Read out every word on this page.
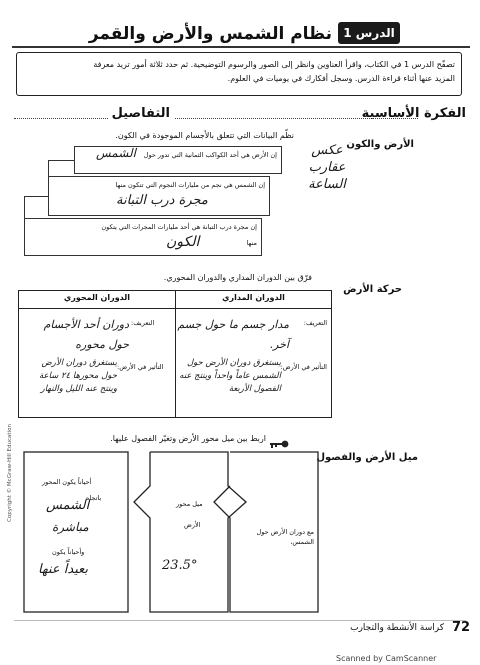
الدرس 1
نظام الشمس والأرض والقمر
تصفّح الدرس 1 في الكتاب، واقرأ العناوين وانظر إلى الصور والرسوم التوضيحية. ثم حدد ثلاثة أمور تريد معرفة
المزيد عنها أثناء قراءة الدرس. وسجل أفكارك في يوميات في العلوم.
الفكرة الأساسية
التفاصيل
الأرض والكون
حركة الأرض
ميل الأرض والفصول
عكس
عقارب
الساعة
نظّم البيانات التي تتعلق بالأجسام الموجودة في الكون.
إن الأرض هي أحد الكواكب الثمانية التي تدور حول
الشمس
إن الشمس هي نجم من مليارات النجوم التي تتكون منها
مجرة درب التبانة
إن مجرة درب التبانة هي أحد مليارات المجرات التي يتكون
منها
الكون
فرّق بين الدوران المداري والدوران المحوري.
الدوران المداري
الدوران المحوري
التعريف:
مدار جسم ما حول جسم آخر.
التأثير في الأرض:
يستغرق دوران الأرض حول الشمس عاماً واحداً وينتج عنه الفصول الأربعة
التعريف:
دوران أحد الأجسام حول محوره
التأثير في الأرض:
يستغرق دوران الأرض حول محورها ٢٤ ساعة وينتج عنه الليل والنهار
اربط بين ميل محور الأرض وتغيّر الفصول عليها.
مع دوران الأرض حول الشمس،
ميل محور
الأرض
23.5°
أحياناً يكون المحور
باتجاه
الشمس
مباشرة
وأحياناً يكون
بعيداً عنها
Copyright © McGraw-Hill Education
72
كراسة الأنشطة والتجارب
Scanned by CamScanner
